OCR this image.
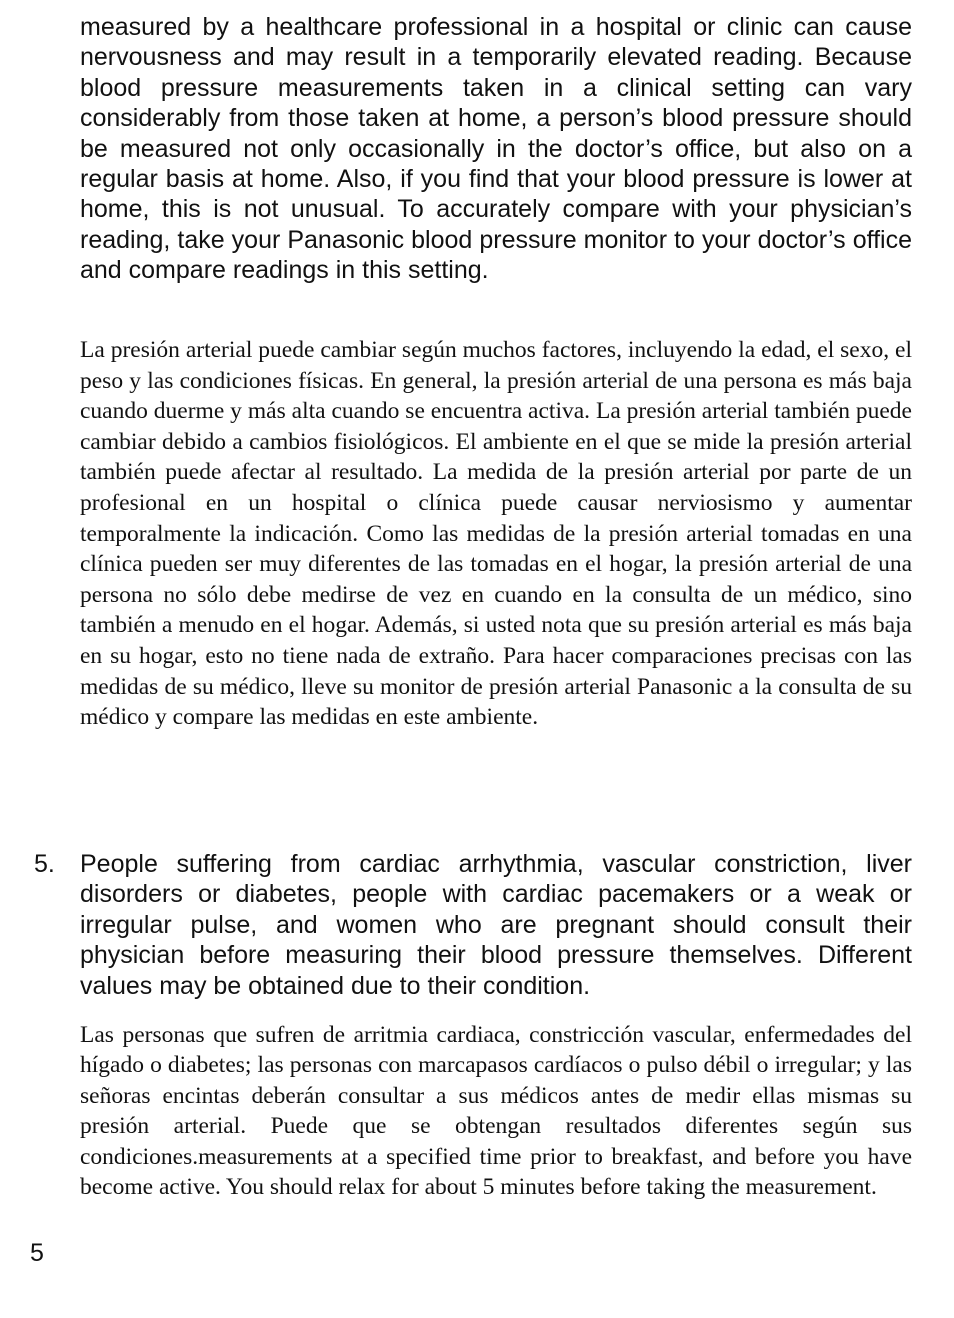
measured by a healthcare professional in a hospital or clinic can cause nervousness and may result in a temporarily elevated reading. Because blood pressure measurements taken in a clinical setting can vary considerably from those taken at home, a person’s blood pressure should be measured not only occasionally in the doctor’s office, but also on a regular basis at home. Also, if you find that your blood pressure is lower at home, this is not unusual. To accurately compare with your physician’s reading, take your Panasonic blood pressure monitor to your doctor’s office and compare readings in this setting.

La presión arterial puede cambiar según muchos factores, incluyendo la edad, el sexo, el peso y las condiciones físicas. En general, la presión arterial de una persona es más baja cuando duerme y más alta cuando se encuentra activa. La presión arterial también puede cambiar debido a cambios fisiológicos. El ambiente en el que se mide la presión arterial también puede afectar al resultado. La medida de la presión arterial por parte de un profesional en un hospital o clínica puede causar nerviosismo y aumentar temporalmente la indicación. Como las medidas de la presión arterial tomadas en una clínica pueden ser muy diferentes de las tomadas en el hogar, la presión arterial de una persona no sólo debe medirse de vez en cuando en la consulta de un médico, sino también a menudo en el hogar. Además, si usted nota que su presión arterial es más baja en su hogar, esto no tiene nada de extraño. Para hacer comparaciones precisas con las medidas de su médico, lleve su monitor de presión arterial Panasonic a la consulta de su médico y compare las medidas en este ambiente.

5. People suffering from cardiac arrhythmia, vascular constriction, liver disorders or diabetes, people with cardiac pacemakers or a weak or irregular pulse, and women who are pregnant should consult their physician before measuring their blood pressure themselves. Different values may be obtained due to their condition.

Las personas que sufren de arritmia cardiaca, constricción vascular, enfermedades del hígado o diabetes; las personas con marcapasos cardíacos o pulso débil o irregular; y las señoras encintas deberán consultar a sus médicos antes de medir ellas mismas su presión arterial. Puede que se obtengan resultados diferentes según sus condiciones.measurements at a specified time prior to breakfast, and before you have become active. You should relax for about 5 minutes before taking the measurement.

5
